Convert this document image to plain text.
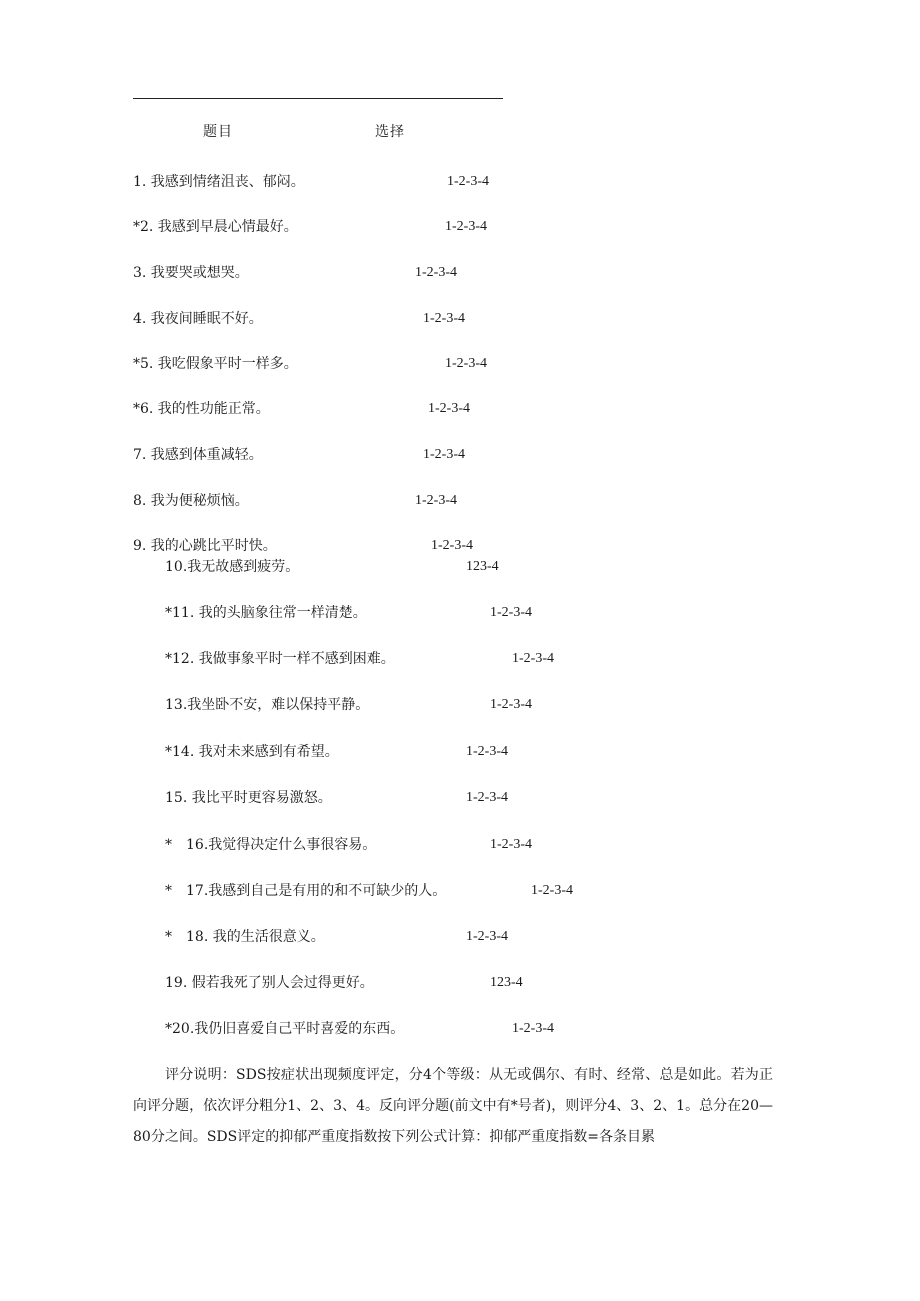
题目	选择
1. 我感到情绪沮丧、郁闷。	1-2-3-4
*2. 我感到早晨心情最好。	1-2-3-4
3. 我要哭或想哭。	1-2-3-4
4. 我夜间睡眠不好。	1-2-3-4
*5. 我吃假象平时一样多。	1-2-3-4
*6. 我的性功能正常。	1-2-3-4
7. 我感到体重减轻。	1-2-3-4
8. 我为便秘烦恼。	1-2-3-4
9. 我的心跳比平时快。	1-2-3-4
10.我无故感到疲劳。	123-4
*11. 我的头脑象往常一样清楚。	1-2-3-4
*12. 我做事象平时一样不感到困难。	1-2-3-4
13.我坐卧不安，难以保持平静。	1-2-3-4
*14. 我对未来感到有希望。	1-2-3-4
15. 我比平时更容易激怒。	1-2-3-4
*　16.我觉得决定什么事很容易。	1-2-3-4
*　17.我感到自己是有用的和不可缺少的人。	1-2-3-4
*　18. 我的生活很意义。	1-2-3-4
19. 假若我死了别人会过得更好。	123-4
*20.我仍旧喜爱自己平时喜爱的东西。	1-2-3-4
评分说明：SDS按症状出现频度评定，分4个等级：从无或偶尔、有时、经常、总是如此。若为正向评分题，依次评分粗分1、2、3、4。反向评分题(前文中有*号者)，则评分4、3、2、1。总分在20—80分之间。SDS评定的抑郁严重度指数按下列公式计算：抑郁严重度指数=各条目累
